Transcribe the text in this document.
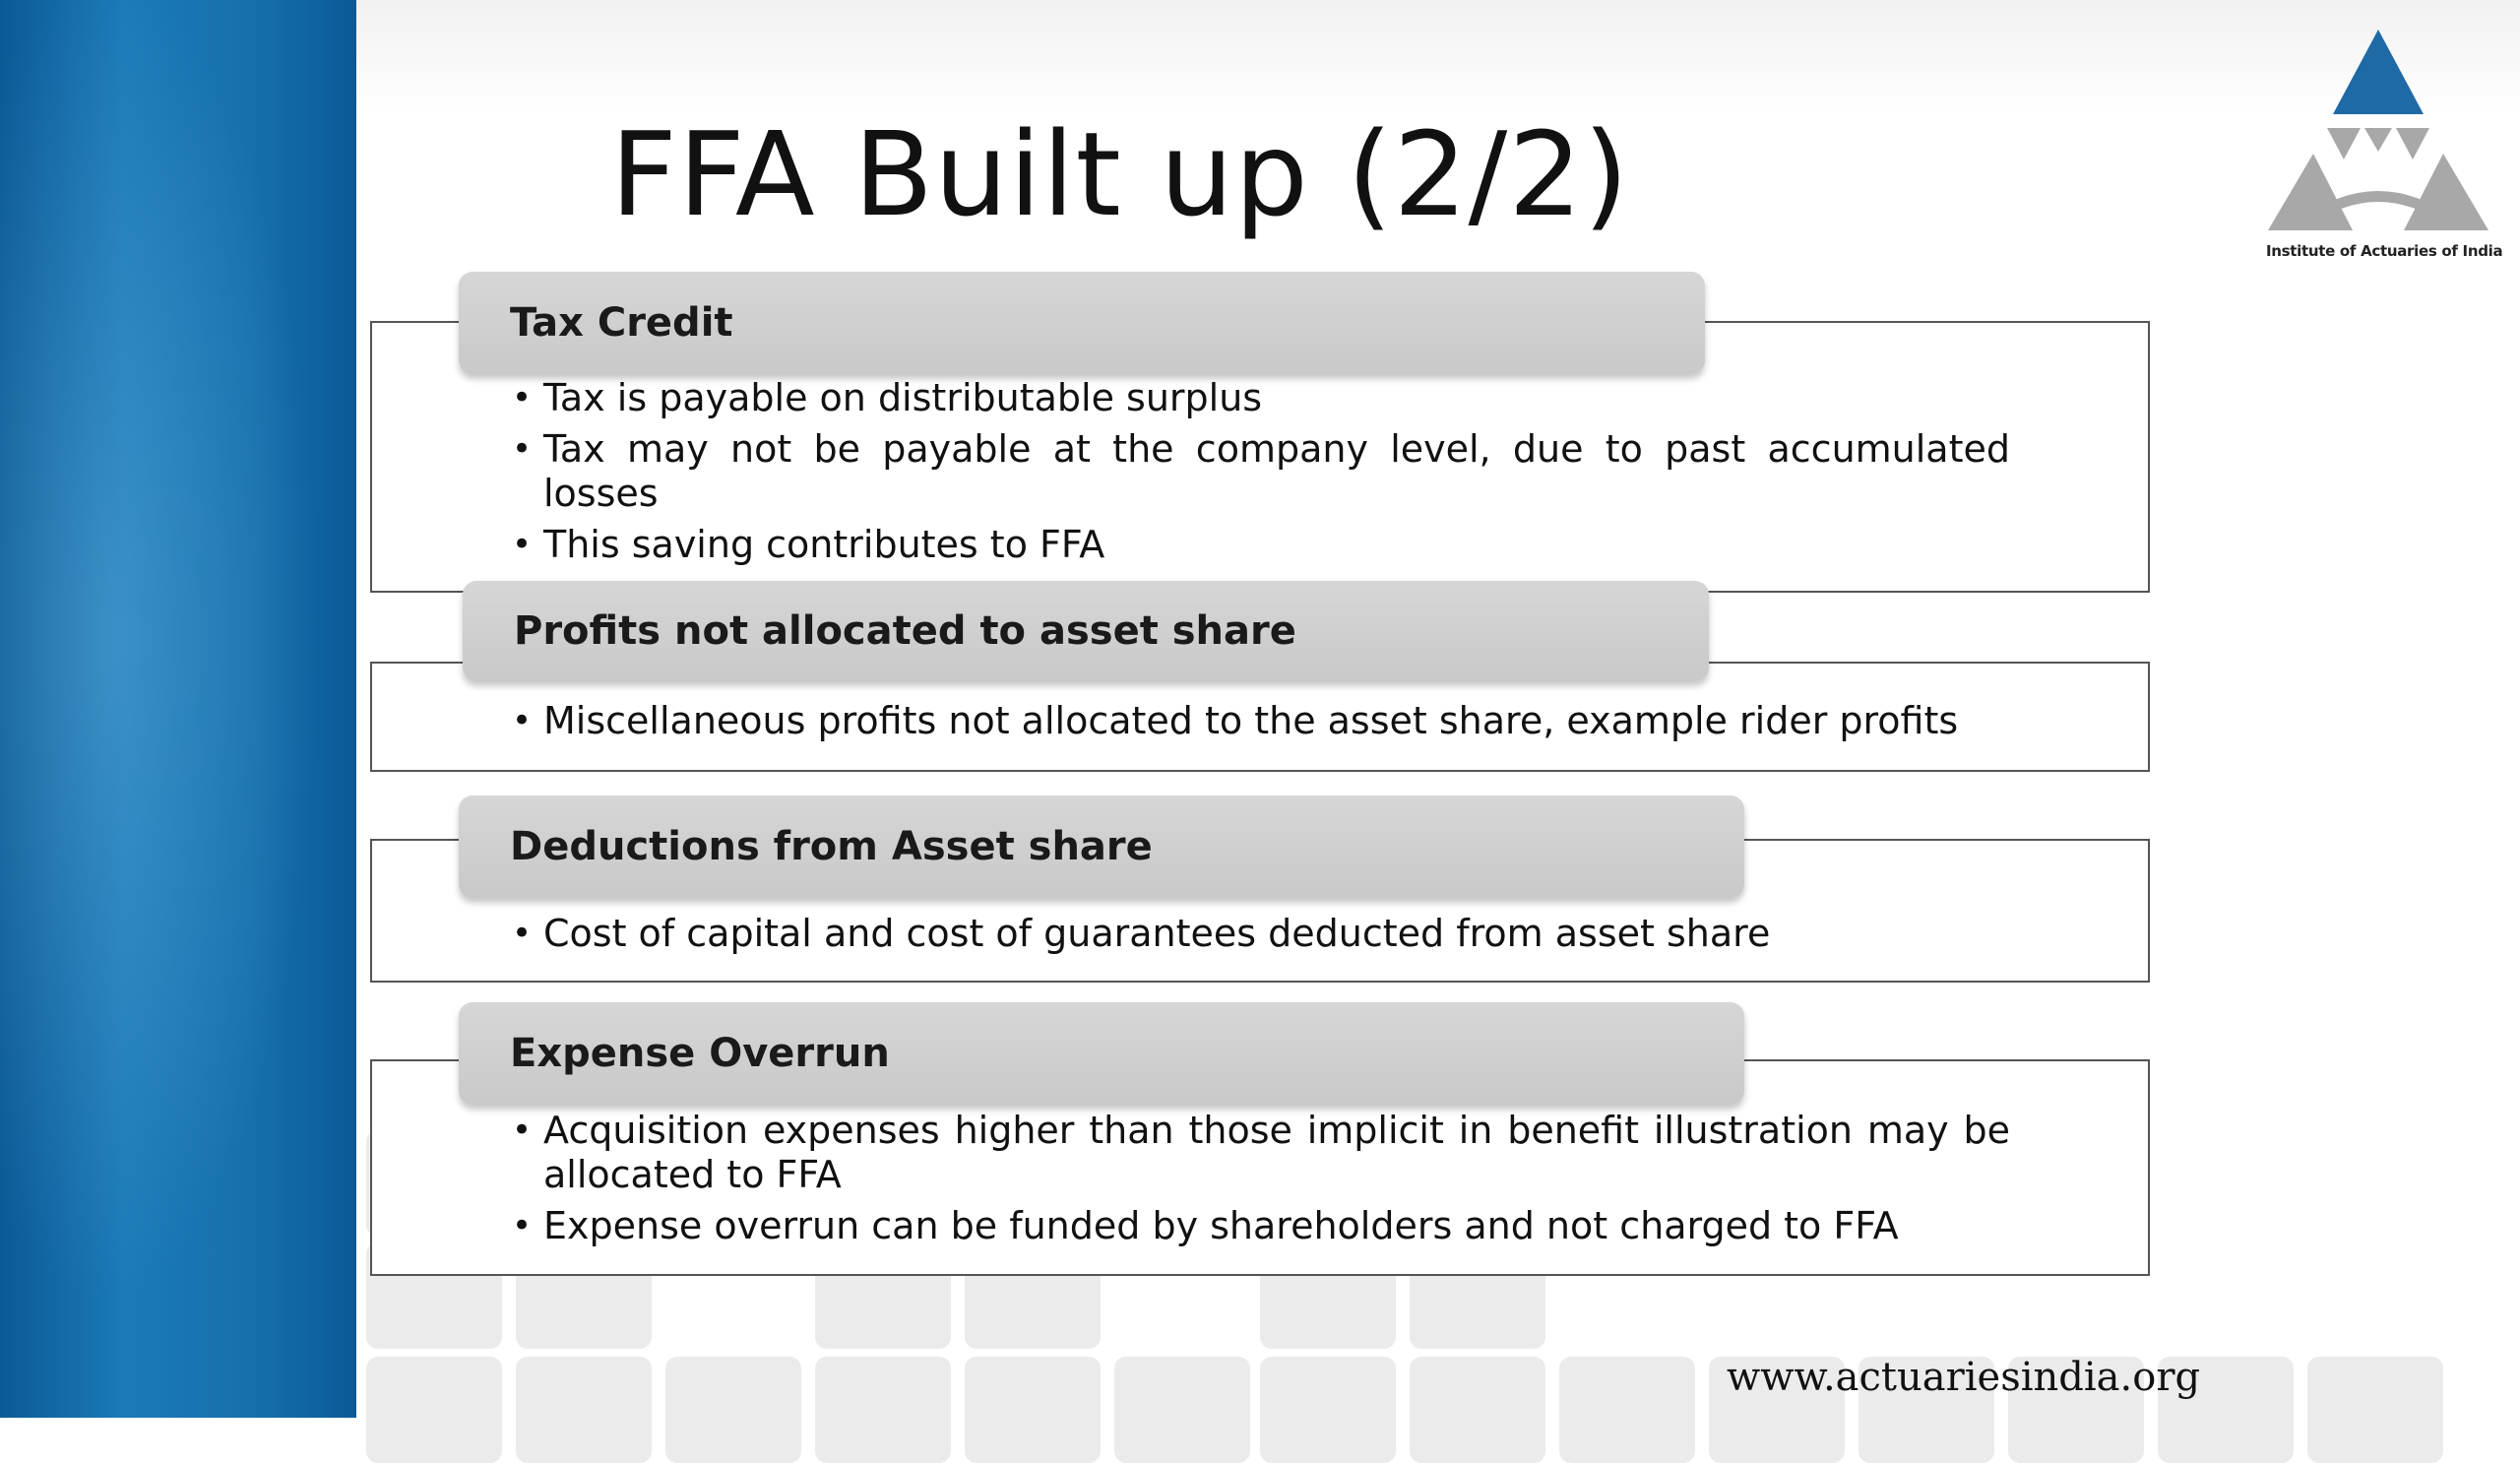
FFA Built up (2/2)
Institute of Actuaries of India
Tax Credit
• Tax is payable on distributable surplus
• Tax may not be payable at the company level, due to past accumulated losses
• This saving contributes to FFA
Profits not allocated to asset share
• Miscellaneous profits not allocated to the asset share, example rider profits
Deductions from Asset share
• Cost of capital and cost of guarantees deducted from asset share
Expense Overrun
• Acquisition expenses higher than those implicit in benefit illustration may be allocated to FFA
• Expense overrun can be funded by shareholders and not charged to FFA
www.actuariesindia.org
